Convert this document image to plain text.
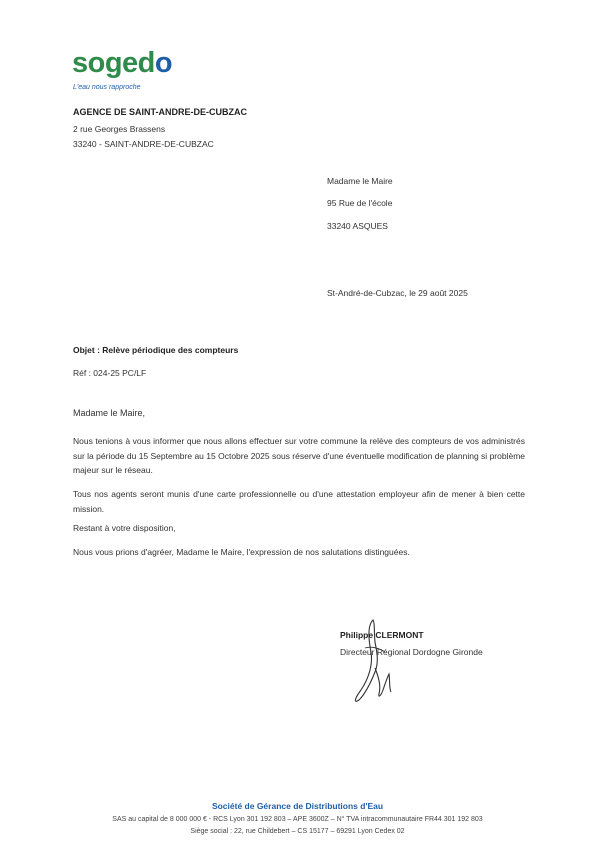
sogedo
L'eau nous rapproche
AGENCE DE SAINT-ANDRE-DE-CUBZAC
2 rue Georges Brassens
33240 - SAINT-ANDRE-DE-CUBZAC
Madame le Maire
95 Rue de l'école
33240 ASQUES
St-André-de-Cubzac, le 29 août 2025
Objet : Relève périodique des compteurs
Réf : 024-25 PC/LF
Madame le Maire,
Nous tenions à vous informer que nous allons effectuer sur votre commune la relève des compteurs de vos administrés sur la période du 15 Septembre au 15 Octobre 2025 sous réserve d'une éventuelle modification de planning si problème majeur sur le réseau.
Tous nos agents seront munis d'une carte professionnelle ou d'une attestation employeur afin de mener à bien cette mission.
Restant à votre disposition,
Nous vous prions d'agréer, Madame le Maire, l'expression de nos salutations distinguées.
Philippe CLERMONT
Directeur Régional Dordogne Gironde
Société de Gérance de Distributions d'Eau
SAS au capital de 8 000 000 € - RCS Lyon 301 192 803 – APE 3600Z – N° TVA intracommunautaire FR44 301 192 803
Siège social : 22, rue Childebert – CS 15177 – 69291 Lyon Cedex 02
